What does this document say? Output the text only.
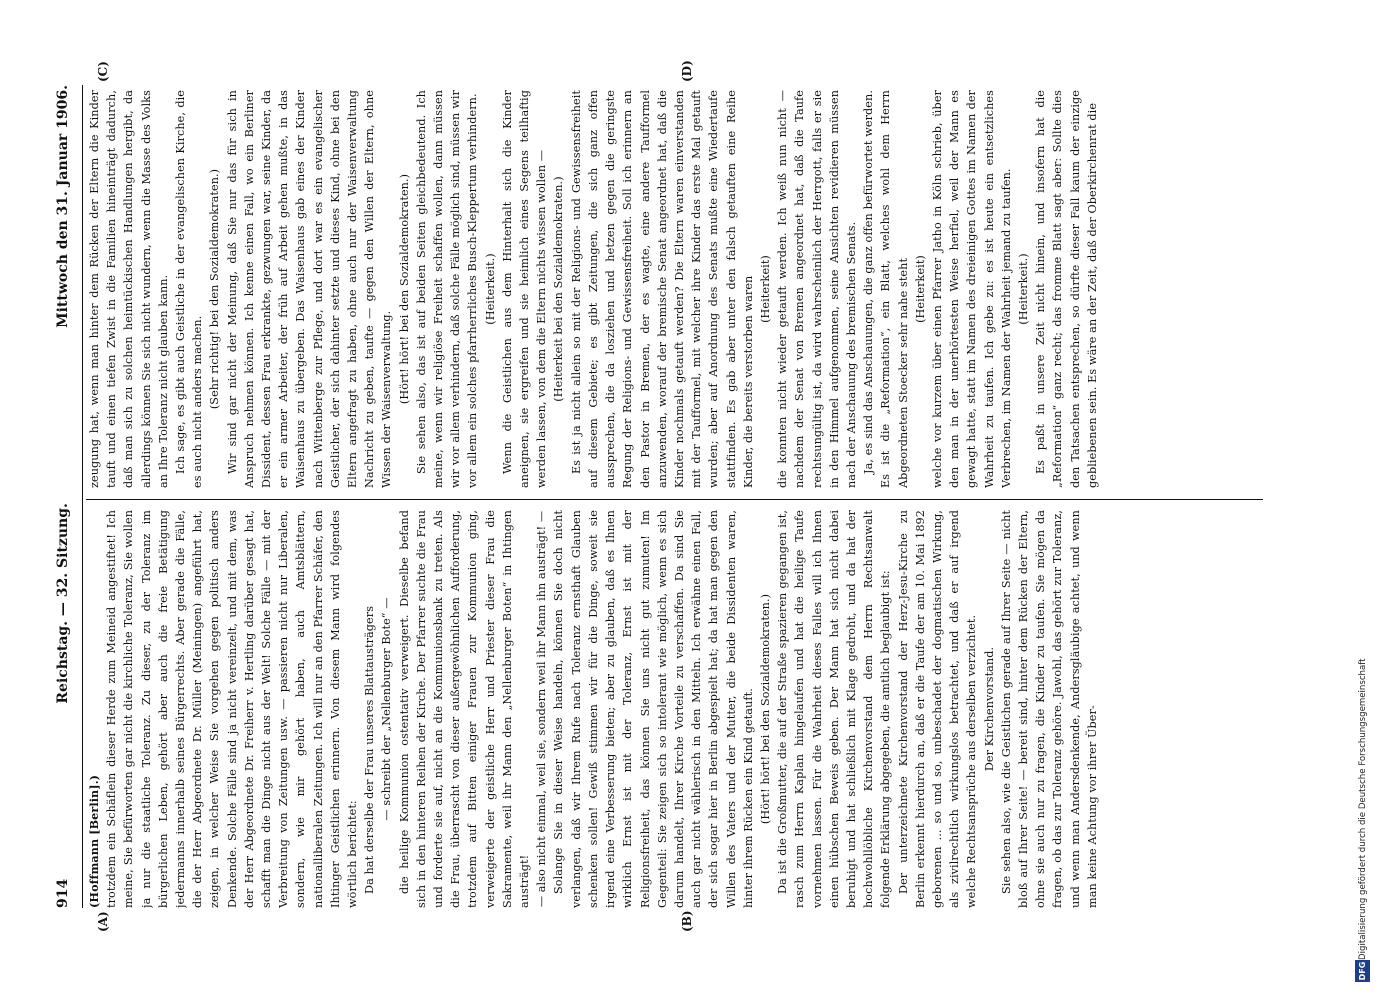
914
Reichstag. — 32. Sitzung.
Mittwoch den 31. Januar 1906.
(A)	(B)
(C)	(D)

(Hoffmann [Berlin].) trotzdem ein Schäflein dieser Herde zum Meineid angestiftet! Ich meine, Sie befürworten gar nicht die kirchliche Toleranz, Sie wollen ja nur die staatliche Toleranz. Zu dieser, zu der Toleranz im bürgerlichen Leben, gehört aber auch die freie Betätigung jedermanns innerhalb seines Bürgerrechts. Aber gerade die Fälle, die der Herr Abgeordnete Dr. Müller (Meiningen) angeführt hat, zeigen, in welcher Weise Sie vorgehen gegen politisch anders Denkende. Solche Fälle sind ja nicht vereinzelt, und mit dem, was der Herr Abgeordnete Dr. Freiherr v. Hertling darüber gesagt hat, schafft man die Dinge nicht aus der Welt! Solche Fälle — mit der Verbreitung von Zeitungen usw. — passieren nicht nur Liberalen, sondern, wie mir gehört haben, auch Amtsblättern, nationalliberalen Zeitungen. Ich will nur an den Pfarrer Schäfer, den Ihtinger Geistlichen erinnern. Von diesem Mann wird folgendes wörtlich berichtet: Da hat derselbe der Frau unseres Blattausträgers — schreibt der „Nellenburger Bote“ — die heilige Kommunion ostentativ verweigert. Dieselbe befand sich in den hinteren Reihen der Kirche. Der Pfarrer suchte die Frau und forderte sie auf, nicht an die Kommunionsbank zu treten. Als die Frau, überrascht von dieser außergewöhnlichen Aufforderung, trotzdem auf Bitten einiger Frauen zur Kommunion ging, verweigerte der geistliche Herr und Priester dieser Frau die Sakramente, weil ihr Mann den „Nellenburger Boten“ in Ihtingen austrägt! — also nicht einmal, weil sie, sondern weil ihr Mann ihn austrägt! — Solange Sie in dieser Weise handeln, können Sie doch nicht verlangen, daß wir Ihrem Rufe nach Toleranz ernsthaft Glauben schenken sollen! Gewiß stimmen wir für die Dinge, soweit sie irgend eine Verbesserung bieten; aber zu glauben, daß es Ihnen wirklich Ernst ist mit der Toleranz, Ernst ist mit der Religionsfreiheit, das können Sie uns nicht gut zumuten! Im Gegenteil: Sie zeigen sich so intolerant wie möglich, wenn es sich darum handelt, Ihrer Kirche Vorteile zu verschaffen. Da sind Sie auch gar nicht wählerisch in den Mitteln. Ich erwähne einen Fall, der sich sogar hier in Berlin abgespielt hat; da hat man gegen den Willen des Vaters und der Mutter, die beide Dissidenten waren, hinter ihrem Rücken ein Kind getauft. (Hört! hört! bei den Sozialdemokraten.) Da ist die Großmutter, die auf der Straße spazieren gegangen ist, rasch zum Herrn Kaplan hingelaufen und hat die heilige Taufe vornehmen lassen. Für die Wahrheit dieses Falles will ich Ihnen einen hübschen Beweis geben. Der Mann hat sich nicht dabei beruhigt und hat schließlich mit Klage gedroht, und da hat der hochwohllöbliche Kirchenvorstand dem Herrn Rechtsanwalt folgende Erklärung abgegeben, die amtlich beglaubigt ist: Der unterzeichnete Kirchenvorstand der Herz-Jesu-Kirche zu Berlin erkennt hierdurch an, daß er die Taufe der am 10. Mai 1892 geborenen ... so und so, unbeschadet der dogmatischen Wirkung, als zivilrechtlich wirkungslos betrachtet, und daß er auf irgend welche Rechtsansprüche aus derselben verzichtet. Der Kirchenvorstand. Sie sehen also, wie die Geistlichen gerade auf Ihrer Seite — nicht bloß auf Ihrer Seite! — bereit sind, hinter dem Rücken der Eltern, ohne sie auch nur zu fragen, die Kinder zu taufen. Sie mögen da fragen, ob das zur Toleranz gehöre. Jawohl, das gehört zur Toleranz, und wenn man Andersdenkende, Andersgläubige achtet, und wenn man keine Achtung vor ihrer Über-

zeugung hat, wenn man hinter dem Rücken der Eltern die Kinder tauft und einen tiefen Zwist in die Familien hineinträgt dadurch, daß man sich zu solchen heimtückischen Handlungen hergibt, da allerdings können Sie sich nicht wundern, wenn die Masse des Volks an Ihre Toleranz nicht glauben kann. Ich sage, es gibt auch Geistliche in der evangelischen Kirche, die es auch nicht anders machen. (Sehr richtig! bei den Sozialdemokraten.) Wir sind gar nicht der Meinung, daß Sie nur das für sich in Anspruch nehmen können. Ich kenne einen Fall, wo ein Berliner Dissident, dessen Frau erkrankte, gezwungen war, seine Kinder, da er ein armer Arbeiter, der früh auf Arbeit gehen mußte, in das Waisenhaus zu übergeben. Das Waisenhaus gab eines der Kinder nach Wittenberge zur Pflege, und dort war es ein evangelischer Geistlicher, der sich dahinter setzte und dieses Kind, ohne bei den Eltern angefragt zu haben, ohne auch nur der Waisenverwaltung Nachricht zu geben, taufte — gegen den Willen der Eltern, ohne Wissen der Waisenverwaltung. (Hört! hört! bei den Sozialdemokraten.) Sie sehen also, das ist auf beiden Seiten gleichbedeutend. Ich meine, wenn wir religiöse Freiheit schaffen wollen, dann müssen wir vor allem verhindern, daß solche Fälle möglich sind, müssen wir vor allem ein solches pfarrherrliches Busch-Kleppertum verhindern. (Heiterkeit.) Wenn die Geistlichen aus dem Hinterhalt sich die Kinder aneignen, sie ergreifen und sie heimlich eines Segens teilhaftig werden lassen, von dem die Eltern nichts wissen wollen — (Heiterkeit bei den Sozialdemokraten.) Es ist ja nicht allein so mit der Religions- und Gewissensfreiheit auf diesem Gebiete; es gibt Zeitungen, die sich ganz offen aussprechen, die da losziehen und hetzen gegen die geringste Regung der Religions- und Gewissensfreiheit. Soll ich erinnern an den Pastor in Bremen, der es wagte, eine andere Taufformel anzuwenden, worauf der bremische Senat angeordnet hat, daß die Kinder nochmals getauft werden? Die Eltern waren einverstanden mit der Taufformel, mit welcher ihre Kinder das erste Mal getauft wurden; aber auf Anordnung des Senats mußte eine Wiedertaufe stattfinden. Es gab aber unter den falsch getauften eine Reihe Kinder, die bereits verstorben waren (Heiterkeit) die konnten nicht wieder getauft werden. Ich weiß nun nicht — nachdem der Senat von Bremen angeordnet hat, daß die Taufe rechtsungültig ist, da wird wahrscheinlich der Herrgott, falls er sie in den Himmel aufgenommen, seine Ansichten revidieren müssen nach der Anschauung des bremischen Senats. Ja, es sind das Anschauungen, die ganz offen befürwortet werden. Es ist die „Reformation“, ein Blatt, welches wohl dem Herrn Abgeordneten Stoecker sehr nahe steht (Heiterkeit) welche vor kurzem über einen Pfarrer Jatho in Köln schrieb, über den man in der unerhörtesten Weise herfiel, weil der Mann es gewagt hatte, statt im Namen des dreieinigen Gottes im Namen der Wahrheit zu taufen. Ich gebe zu: es ist heute ein entsetzliches Verbrechen, im Namen der Wahrheit jemand zu taufen. (Heiterkeit.) Es paßt in unsere Zeit nicht hinein, und insofern hat die „Reformation“ ganz recht; das fromme Blatt sagt aber: Sollte dies den Tatsachen entsprechen, so dürfte dieser Fall kaum der einzige gebliebenen sein. Es wäre an der Zeit, daß der Oberkirchenrat die

DFG
Digitalisierung gefördert durch die Deutsche Forschungsgemeinschaft
